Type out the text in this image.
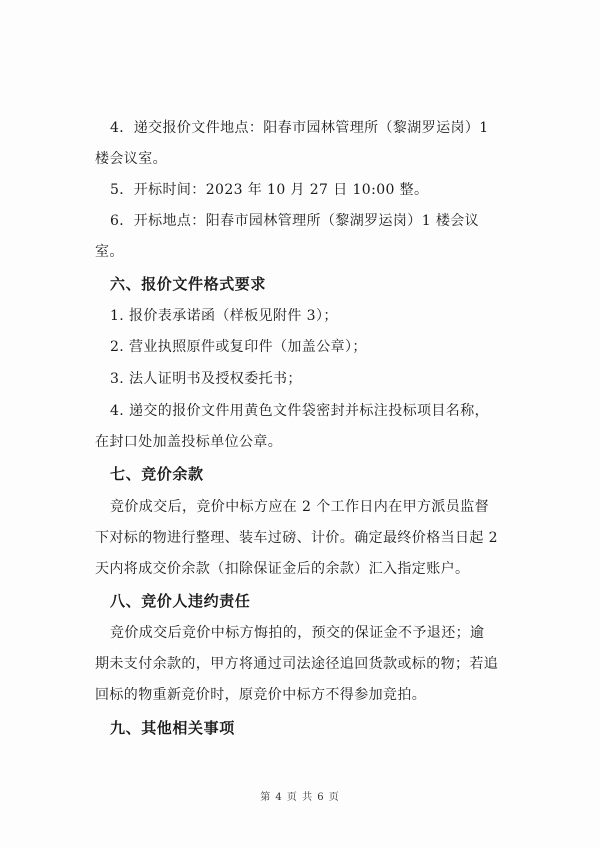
4．递交报价文件地点：阳春市园林管理所（黎湖罗运岗）1

楼会议室。

5．开标时间：2023 年 10 月 27 日 10:00 整。

6．开标地点：阳春市园林管理所（黎湖罗运岗）1 楼会议

室。

六、报价文件格式要求

1. 报价表承诺函（样板见附件 3）；

2. 营业执照原件或复印件（加盖公章）；

3. 法人证明书及授权委托书；

4. 递交的报价文件用黄色文件袋密封并标注投标项目名称，

在封口处加盖投标单位公章。

七、竞价余款

竞价成交后，竞价中标方应在 2 个工作日内在甲方派员监督

下对标的物进行整理、装车过磅、计价。确定最终价格当日起 2

天内将成交价余款（扣除保证金后的余款）汇入指定账户。

八、竞价人违约责任

竞价成交后竞价中标方悔拍的，预交的保证金不予退还；逾

期未支付余款的，甲方将通过司法途径追回货款或标的物；若追

回标的物重新竞价时，原竞价中标方不得参加竞拍。

九、其他相关事项
第 4 页 共 6 页
